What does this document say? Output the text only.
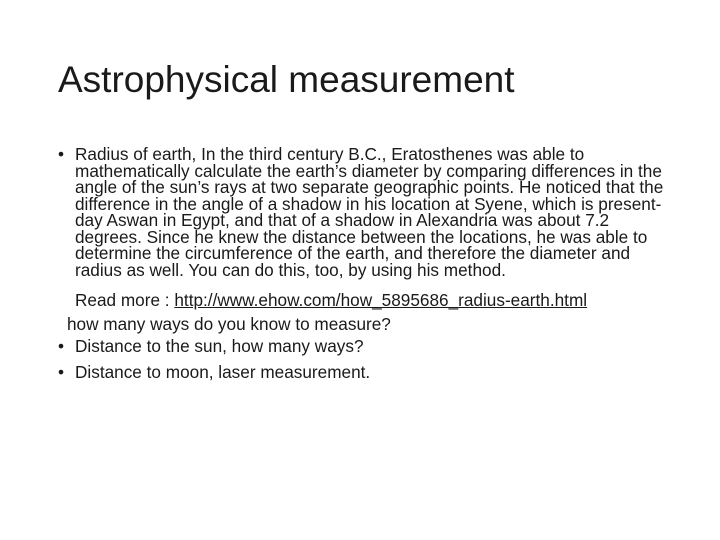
Astrophysical measurement
• Radius of earth, In the third century B.C., Eratosthenes was able to mathematically calculate the earth’s diameter by comparing differences in the angle of the sun’s rays at two separate geographic points. He noticed that the difference in the angle of a shadow in his location at Syene, which is present-day Aswan in Egypt, and that of a shadow in Alexandria was about 7.2 degrees. Since he knew the distance between the locations, he was able to determine the circumference of the earth, and therefore the diameter and radius as well. You can do this, too, by using his method.
Read more : http://www.ehow.com/how_5895686_radius-earth.html
how many ways do you know to measure?
• Distance to the sun, how many ways?
• Distance to moon, laser measurement.
